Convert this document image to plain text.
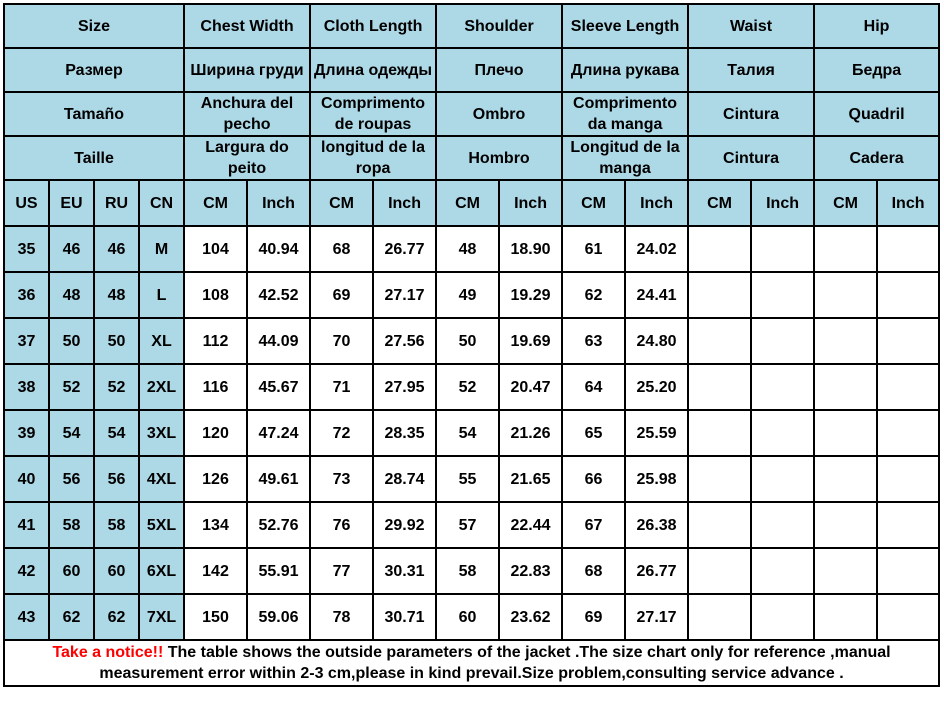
Size				Chest Width		Cloth Length		Shoulder		Sleeve Length		Waist		Hip	
Размер				Ширина груди		Длина одежды		Плечо		Длина рукава		Талия		Бедра	
Tamaño				Anchura del pecho		Comprimento de roupas		Ombro		Comprimento da manga		Cintura		Quadril	
Taille				Largura do peito		longitud de la ropa		Hombro		Longitud de la manga		Cintura		Cadera	
US	EU	RU	CN	CM	Inch	CM	Inch	CM	Inch	CM	Inch	CM	Inch	CM	Inch
35	46	46	M	104	40.94	68	26.77	48	18.90	61	24.02				
36	48	48	L	108	42.52	69	27.17	49	19.29	62	24.41				
37	50	50	XL	112	44.09	70	27.56	50	19.69	63	24.80				
38	52	52	2XL	116	45.67	71	27.95	52	20.47	64	25.20				
39	54	54	3XL	120	47.24	72	28.35	54	21.26	65	25.59				
40	56	56	4XL	126	49.61	73	28.74	55	21.65	66	25.98				
41	58	58	5XL	134	52.76	76	29.92	57	22.44	67	26.38				
42	60	60	6XL	142	55.91	77	30.31	58	22.83	68	26.77				
43	62	62	7XL	150	59.06	78	30.71	60	23.62	69	27.17				
Take a notice!! The table shows the outside parameters of the jacket .The size chart only for reference ,manual measurement error within 2-3 cm,please in kind prevail.Size problem,consulting service advance .															
